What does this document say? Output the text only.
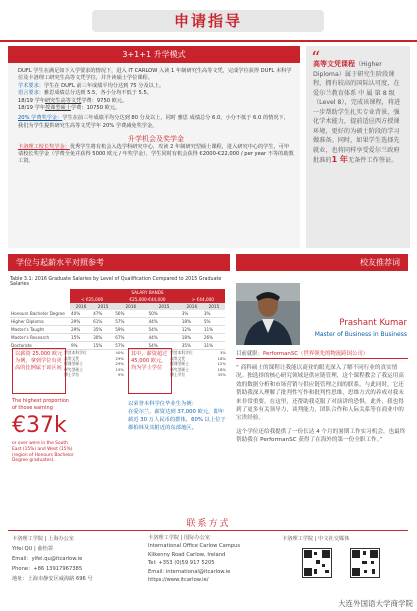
申请指导
3+1+1 升学模式
DUFL 学生在满足如下入学要求的情况下，进入 IT CARLOW 入读 1 年制研究生高等文凭，完成学位获得 DUFL 本科学位及卡洛理工研究生高等文凭学位，并升读硕士学位课程。
学术要求：学生在 DUFL 前三年成绩平均分达到 75 分及以上。
语言要求：雅思成绩总分达到 5.5，各小分均不低于 5.5。
18/19 学年研究生高等文凭学费：9750 欧元。
18/19 学年授课型硕士学费：10750 欧元。
20% 学费奖学金：学生在前三年成绩平均分达到 80 分及以上，同时 雅思 成绩总分 6.0，小分不低于 6.0 的情况下，我们为学生提供研究生高等文凭学年 20% 学费减免奖学金。
升学机会及奖学金
卡洛理工校长奖学金：优秀学生将有机会入选学科研究中心，攻读 2 年制研究型硕士课程，进入研究中心的学生，可申请校长奖学金（学费全免并获得 5000 欧元 / 年奖学金），学生同时有机会获得 €2000-€22,000 / per year 不等的助教工资。
“
高等文凭课程（Higher Diploma）属于研究生阶段课程，拥有较高的国际认可度，在爱尔兰教育体系 中 属 第 8 级（Level 8），完成该课程，将进一步帮助学生扎实专业背景，强化学术能力，提前适应西方授课环境，更好的为硕士阶段的学习做准备。同时，如果学生选择先就业，也将同样享受爱尔兰政府批准的1 年无条件工作签证。
学位与起薪水平对照参考	校友推荐词
Table 3.1: 2016 Graduate Salaries by Level of Qualification Compared to 2015 Graduate Salaries
	SALARY BANDS					
	< €25,000		€25,000-€44,000		> €44,000	
	2016	2015	2016	2015	2016	2015
Honours Bachelor Degree	40%	47%	56%	50%	3%	3%
Higher Diploma	29%	61%	57%	44%	18%	5%
Master's Taught	29%	35%	59%	54%	12%	11%
Master's Research	15%	30%	67%	44%	18%	26%
Doctorate	9%	15%	57%	54%	35%	31%
以薪资 25,000 欧元为例，拿到学位有更高的比例属于该区间
荣誉本科学位	40%
高等文凭	29%
授课型硕士	29%
研究型硕士	15%
博士学位	9%
其中，薪资超过 45,000 欧元，均为学士学位
荣誉本科学位	3%
高等文凭	18%
授课型硕士	12%
研究型硕士	18%
博士学位	35%
The highest proportion of those earning
€37k
or over were in the South East (15%) and West (15%) (region of Honours Bachelor Degree graduates).
以荣誉本科学位毕业生为例：
在爱尔兰，薪资达到 37,000 欧元，即年薪近 30 万人民币的群体，60% 以上位于都柏林及其附近的东部地区。
Prashant Kumar
Master of Business in Business
目前就职：PerformanSC（世界领先的物流跨国公司）
“ 商科硕士的课程让我能以商业的眼光深入了解不同行业的真实情况。独选择的核心研究领域是供应链管理，这个课程教会了我运用高效的数据分析和市场营销与供应链管理之间的联系，与此同时，它还帮助我深入理解了批判性写作和批判性思维，思维方式的养成对我未来非常重要。在这里，还帮助我克服了对演讲的恐惧。此外，我也得到了更多有关领导力，谈判能力，团队合作和人际关系等在商业中的宝贵经验。
这个学位还给我提供了一份长达 4 个月的暑期工作实习机会，也最终帮助我在 PerformanSC 获得了在海外的第一份全职工作。”
联系方式
卡洛理工学院 | 上海办公室
Yifei QU | 曲怡霏
Email：yifei.qu@itcarlow.ie
Phone：+86 13917967385
地址：上海市静安区威海路 696 号
卡洛理工学院 | 国际办公室
International Office Carlow Campus
Kilkenny Road Carlow, Ireland
Tel: +353 (0)59 917 5205
Email: international@itcarlow.ie
https://www.itcarlow.ie/
卡洛理工学院 | 中文社交媒体
大连外国语大学商学院
